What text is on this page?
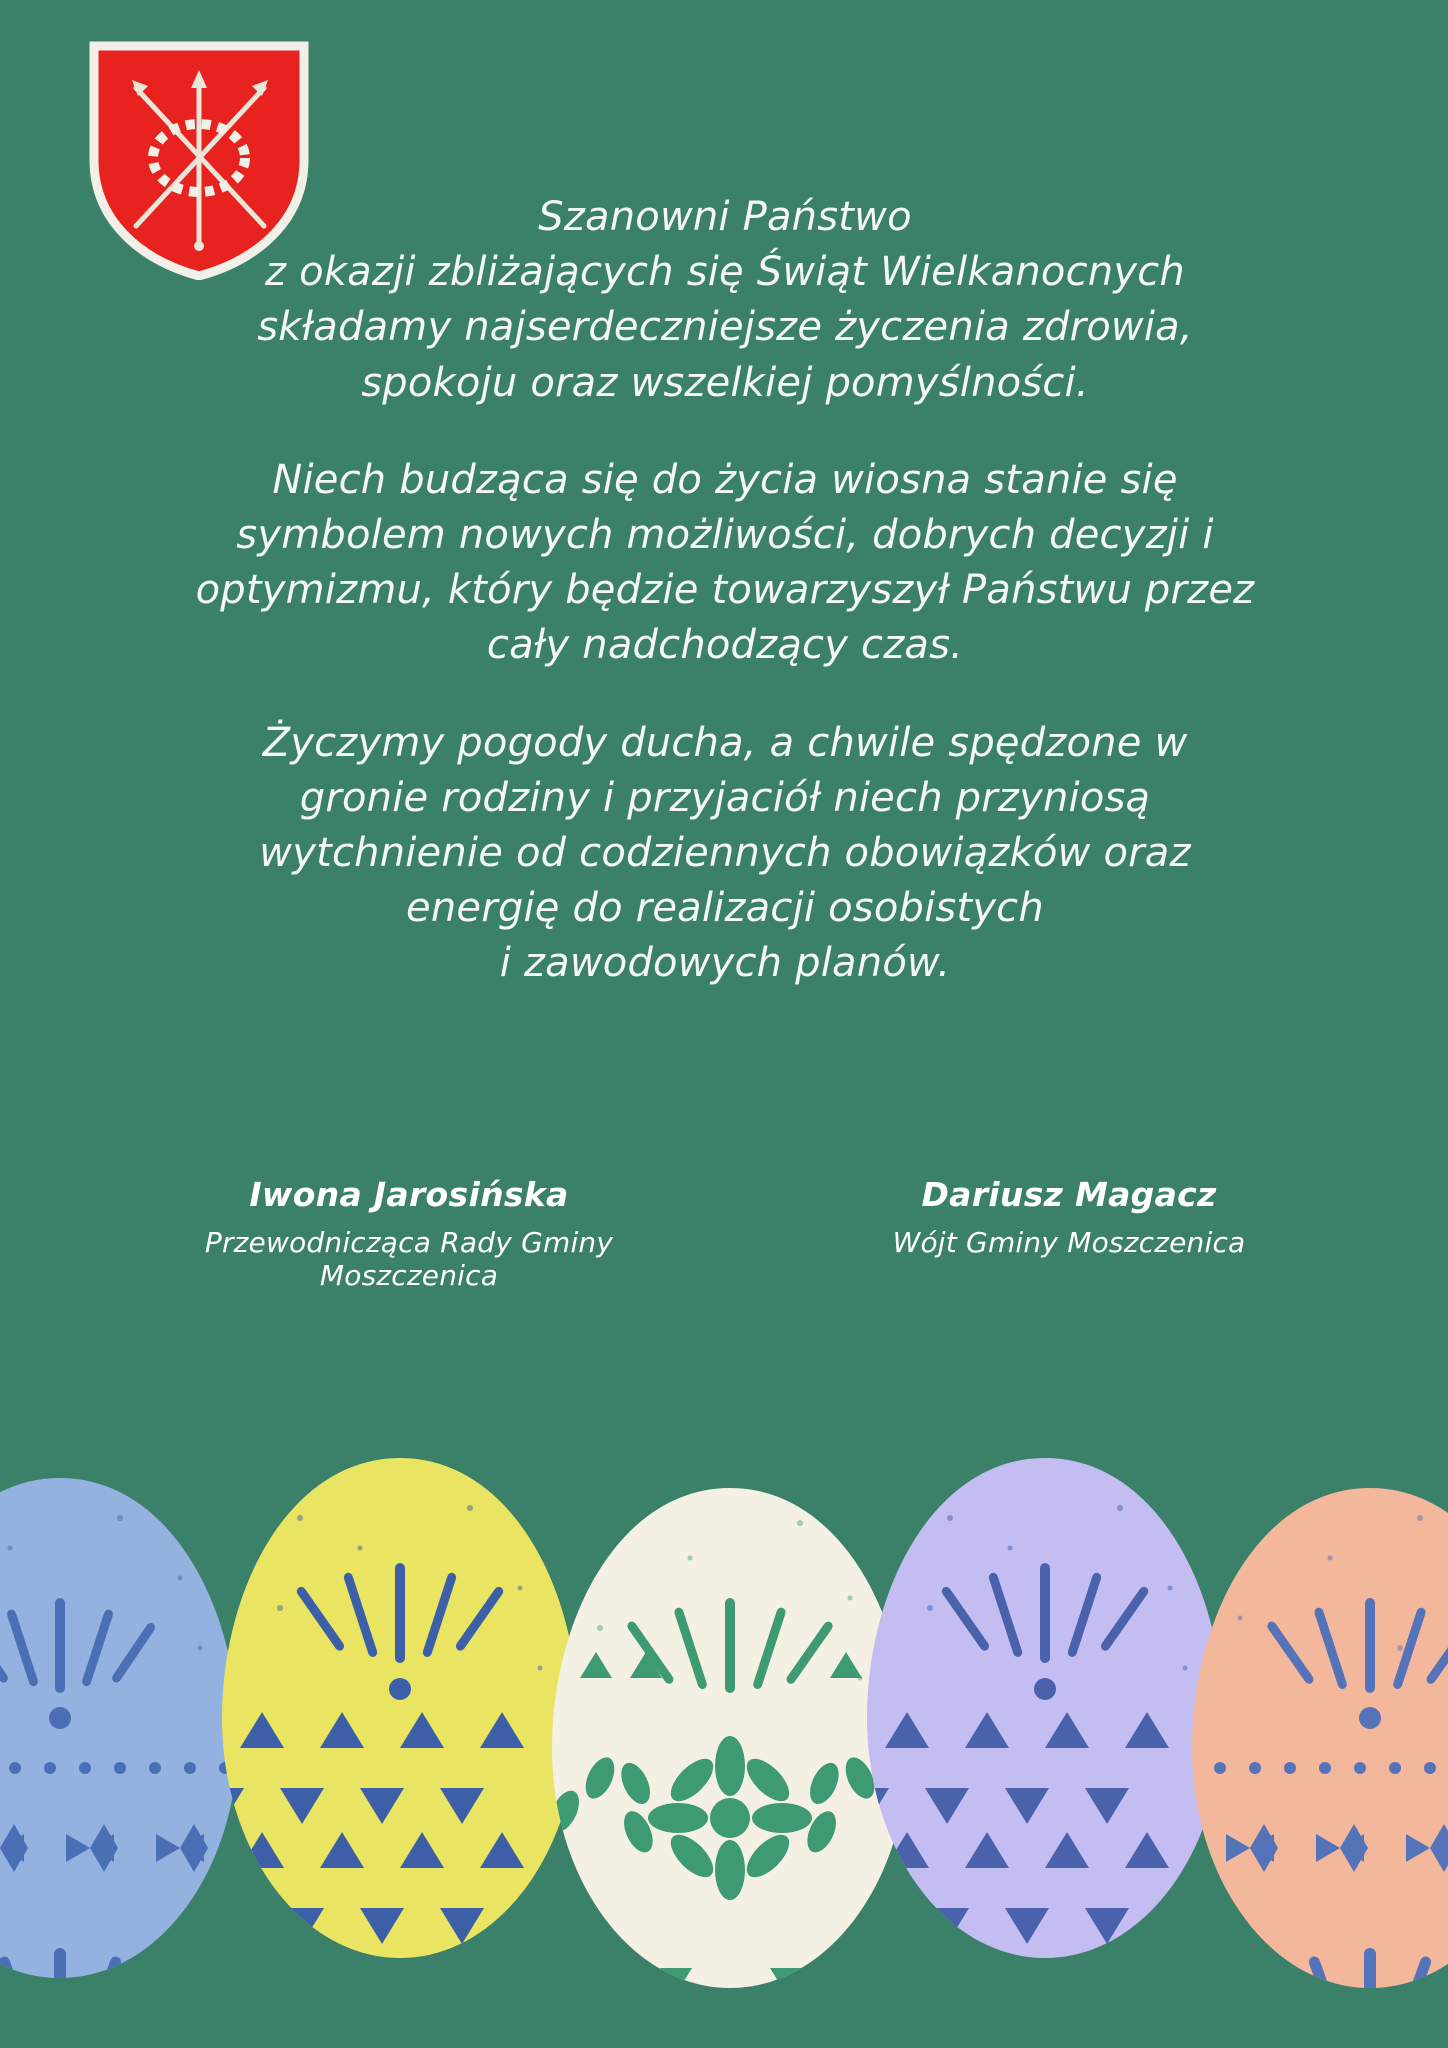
Szanowni Państwo
z okazji zbliżających się Świąt Wielkanocnych
składamy najserdeczniejsze życzenia zdrowia,
spokoju oraz wszelkiej pomyślności.
Niech budząca się do życia wiosna stanie się
symbolem nowych możliwości, dobrych decyzji i
optymizmu, który będzie towarzyszył Państwu przez
cały nadchodzący czas.
Życzymy pogody ducha, a chwile spędzone w
gronie rodziny i przyjaciół niech przyniosą
wytchnienie od codziennych obowiązków oraz
energię do realizacji osobistych
i zawodowych planów.
Iwona Jarosińska
Przewodnicząca Rady Gminy Moszczenica
Dariusz Magacz
Wójt Gminy Moszczenica
